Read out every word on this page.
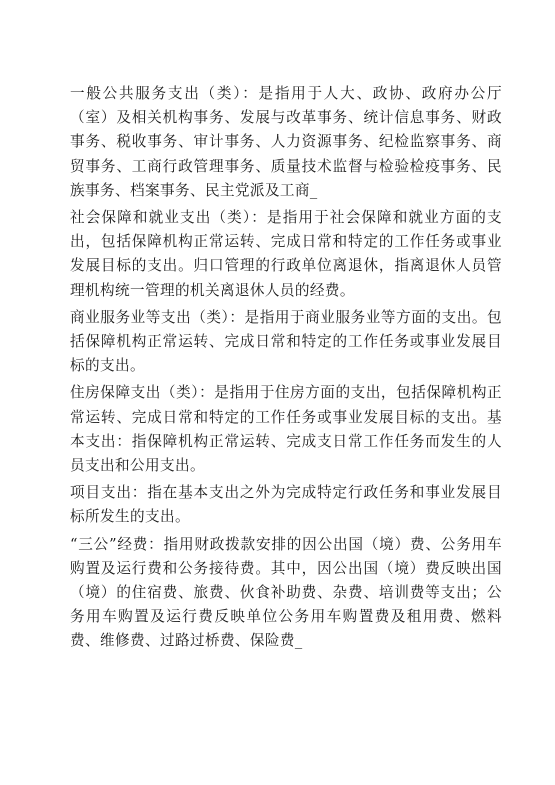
一般公共服务支出（类）：是指用于人大、政协、政府办公厅（室）及相关机构事务、发展与改革事务、统计信息事务、财政事务、税收事务、审计事务、人力资源事务、纪检监察事务、商贸事务、工商行政管理事务、质量技术监督与检验检疫事务、民族事务、档案事务、民主党派及工商_

社会保障和就业支出（类）：是指用于社会保障和就业方面的支出，包括保障机构正常运转、完成日常和特定的工作任务或事业发展目标的支出。归口管理的行政单位离退休，指离退休人员管理机构统一管理的机关离退休人员的经费。

商业服务业等支出（类）：是指用于商业服务业等方面的支出。包括保障机构正常运转、完成日常和特定的工作任务或事业发展目标的支出。

住房保障支出（类）：是指用于住房方面的支出，包括保障机构正常运转、完成日常和特定的工作任务或事业发展目标的支出。基本支出：指保障机构正常运转、完成支日常工作任务而发生的人员支出和公用支出。

项目支出：指在基本支出之外为完成特定行政任务和事业发展目标所发生的支出。

“三公”经费：指用财政拨款安排的因公出国（境）费、公务用车购置及运行费和公务接待费。其中，因公出国（境）费反映出国（境）的住宿费、旅费、伙食补助费、杂费、培训费等支出；公务用车购置及运行费反映单位公务用车购置费及租用费、燃料费、维修费、过路过桥费、保险费_
